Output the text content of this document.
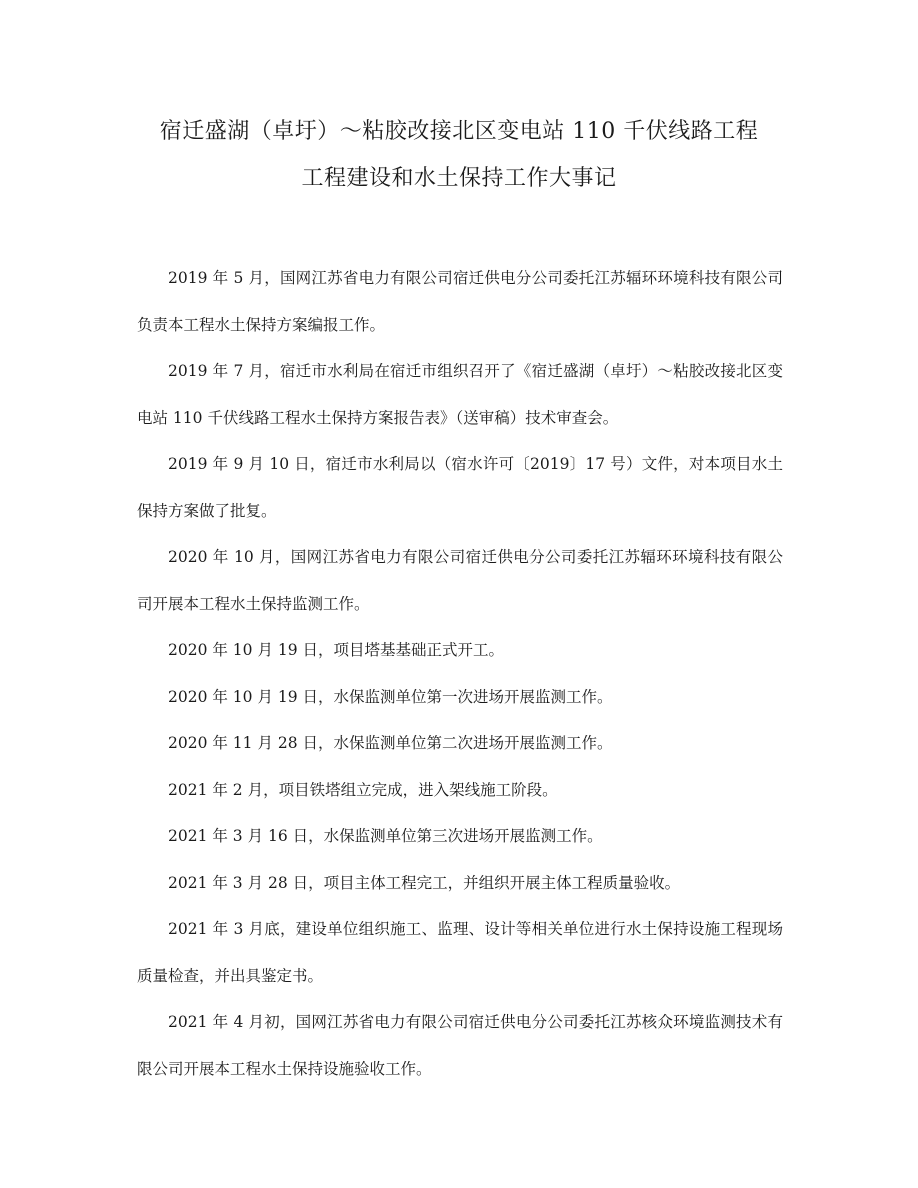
宿迁盛湖（卓圩）～粘胶改接北区变电站 110 千伏线路工程
工程建设和水土保持工作大事记

2019 年 5 月，国网江苏省电力有限公司宿迁供电分公司委托江苏辐环环境科技有限公司负责本工程水土保持方案编报工作。

2019 年 7 月，宿迁市水利局在宿迁市组织召开了《宿迁盛湖（卓圩）～粘胶改接北区变电站 110 千伏线路工程水土保持方案报告表》（送审稿）技术审查会。

2019 年 9 月 10 日，宿迁市水利局以（宿水许可〔2019〕17 号）文件，对本项目水土保持方案做了批复。

2020 年 10 月，国网江苏省电力有限公司宿迁供电分公司委托江苏辐环环境科技有限公司开展本工程水土保持监测工作。

2020 年 10 月 19 日，项目塔基基础正式开工。

2020 年 10 月 19 日，水保监测单位第一次进场开展监测工作。

2020 年 11 月 28 日，水保监测单位第二次进场开展监测工作。

2021 年 2 月，项目铁塔组立完成，进入架线施工阶段。

2021 年 3 月 16 日，水保监测单位第三次进场开展监测工作。

2021 年 3 月 28 日，项目主体工程完工，并组织开展主体工程质量验收。

2021 年 3 月底，建设单位组织施工、监理、设计等相关单位进行水土保持设施工程现场质量检查，并出具鉴定书。

2021 年 4 月初，国网江苏省电力有限公司宿迁供电分公司委托江苏核众环境监测技术有限公司开展本工程水土保持设施验收工作。
